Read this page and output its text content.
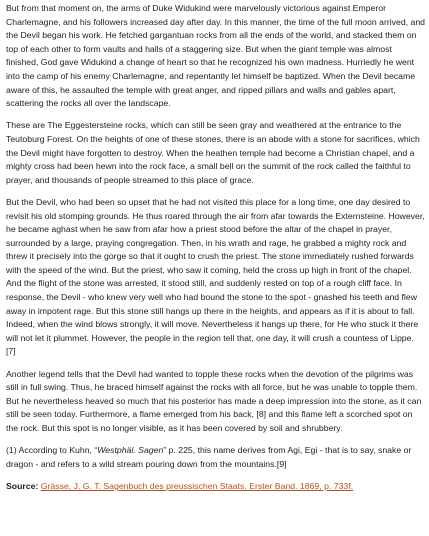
But from that moment on, the arms of Duke Widukind were marvelously victorious against Emperor Charlemagne, and his followers increased day after day. In this manner, the time of the full moon arrived, and the Devil began his work. He fetched gargantuan rocks from all the ends of the world, and stacked them on top of each other to form vaults and halls of a staggering size. But when the giant temple was almost finished, God gave Widukind a change of heart so that he recognized his own madness. Hurriedly he went into the camp of his enemy Charlemagne, and repentantly let himself be baptized. When the Devil became aware of this, he assaulted the temple with great anger, and ripped pillars and walls and gables apart, scattering the rocks all over the landscape.

These are The Eggestersteine rocks, which can still be seen gray and weathered at the entrance to the Teutoburg Forest. On the heights of one of these stones, there is an abode with a stone for sacrifices, which the Devil might have forgotten to destroy. When the heathen temple had become a Christian chapel, and a mighty cross had been hewn into the rock face, a small bell on the summit of the rock called the faithful to prayer, and thousands of people streamed to this place of grace.

But the Devil, who had been so upset that he had not visited this place for a long time, one day desired to revisit his old stomping grounds. He thus roared through the air from afar towards the Externsteine. However, he became aghast when he saw from afar how a priest stood before the altar of the chapel in prayer, surrounded by a large, praying congregation. Then, in his wrath and rage, he grabbed a mighty rock and threw it precisely into the gorge so that it ought to crush the priest. The stone immediately rushed forwards with the speed of the wind. But the priest, who saw it coming, held the cross up high in front of the chapel. And the flight of the stone was arrested, it stood still, and suddenly rested on top of a rough cliff face. In response, the Devil - who knew very well who had bound the stone to the spot - gnashed his teeth and flew away in impotent rage. But this stone still hangs up there in the heights, and appears as if it is about to fall. Indeed, when the wind blows strongly, it will move. Nevertheless it hangs up there, for He who stuck it there will not let it plummet. However, the people in the region tell that, one day, it will crush a countess of Lippe. [7]

Another legend tells that the Devil had wanted to topple these rocks when the devotion of the pilgrims was still in full swing. Thus, he braced himself against the rocks with all force, but he was unable to topple them. But he nevertheless heaved so much that his posterior has made a deep impression into the stone, as it can still be seen today. Furthermore, a flame emerged from his back, [8] and this flame left a scorched spot on the rock. But this spot is no longer visible, as it has been covered by soil and shrubbery.

(1) According to Kuhn, “Westphäl. Sagen” p. 225, this name derives from Agi, Egi - that is to say, snake or dragon - and refers to a wild stream pouring down from the mountains.[9]

Source: Grässe, J. G. T. Sagenbuch des preussischen Staats. Erster Band. 1869, p. 733f.
